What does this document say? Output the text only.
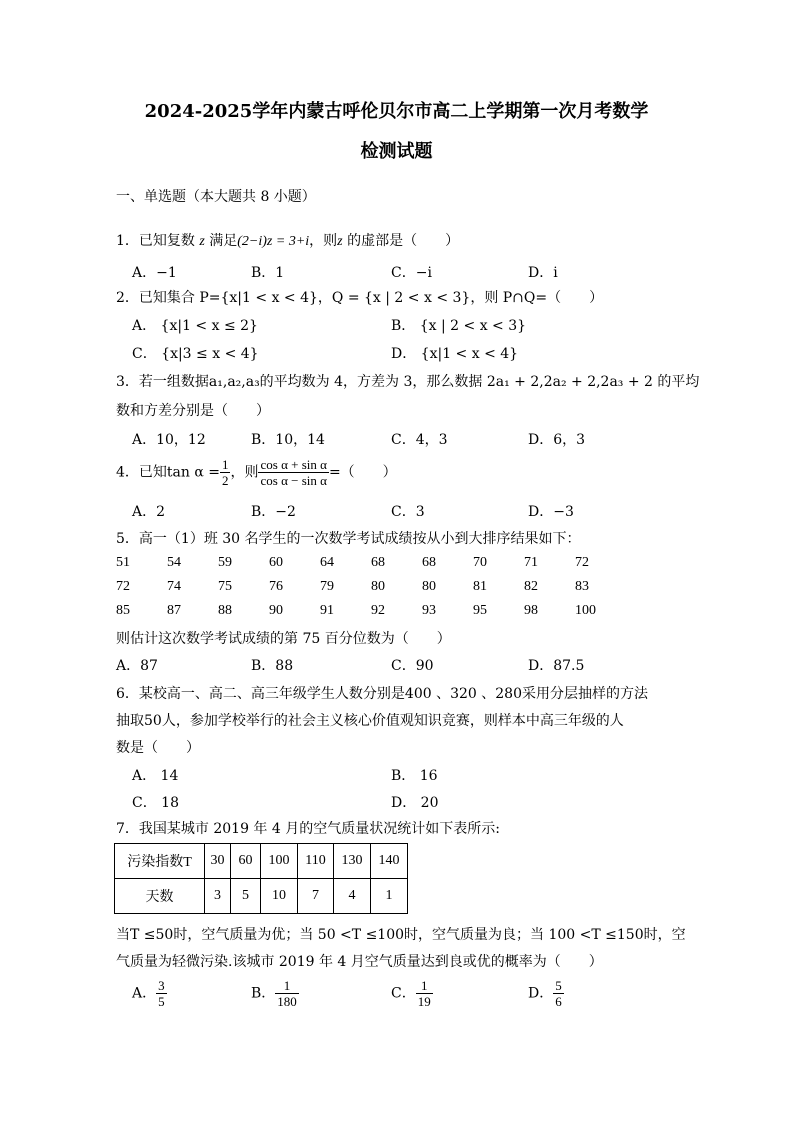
2024-2025学年内蒙古呼伦贝尔市高二上学期第一次月考数学
检测试题
一、单选题（本大题共 8 小题）
1．已知复数 z 满足(2−i)z = 3+i，则z 的虚部是（　　）
A．−1	B．1	C．−i	D．i
2．已知集合 P={x|1 < x < 4}，Q = {x | 2 < x < 3}，则 P∩Q=（　　）
A． {x|1 < x ≤ 2}	B． {x | 2 < x < 3}
C． {x|3 ≤ x < 4}	D． {x|1 < x < 4}
3．若一组数据a₁,a₂,a₃的平均数为 4，方差为 3，那么数据 2a₁ + 2,2a₂ + 2,2a₃ + 2 的平均
数和方差分别是（　　）
A．10，12	B．10，14	C．4，3	D．6，3
4．已知$\tan \alpha = \frac{1}{2}$ ，则 $\frac{\text{cos α + sin α}}{\text{cos α − sin α}}$ =（　　）
A．2	B．−2	C．3	D．−3
5．高一（1）班 30 名学生的一次数学考试成绩按从小到大排序结果如下：
51	54	59	60	64	68	68	70	71	72
72	74	75	76	79	80	80	81	82	83
85	87	88	90	91	92	93	95	98	100
则估计这次数学考试成绩的第 75 百分位数为（　　）
A．87	B．88	C．90	D．87.5
6．某校高一、高二、高三年级学生人数分别是400 、320 、280采用分层抽样的方法
抽取50人，参加学校举行的社会主义核心价值观知识竞赛，则样本中高三年级的人
数是（　　）
A． 14	B． 16
C． 18	D． 20
7．我国某城市 2019 年 4 月的空气质量状况统计如下表所示:
污染指数T	30	60	100	110	130	140
天数	3	5	10	7	4	1
当T ≤50时，空气质量为优；当 50 <T ≤100时，空气质量为良；当 100 <T ≤150时，空
气质量为轻微污染.该城市 2019 年 4 月空气质量达到良或优的概率为（　　）
A． $\frac{3}{5}$	B． $\frac{1}{180}$	C． $\frac{1}{19}$	D． $\frac{5}{6}$
